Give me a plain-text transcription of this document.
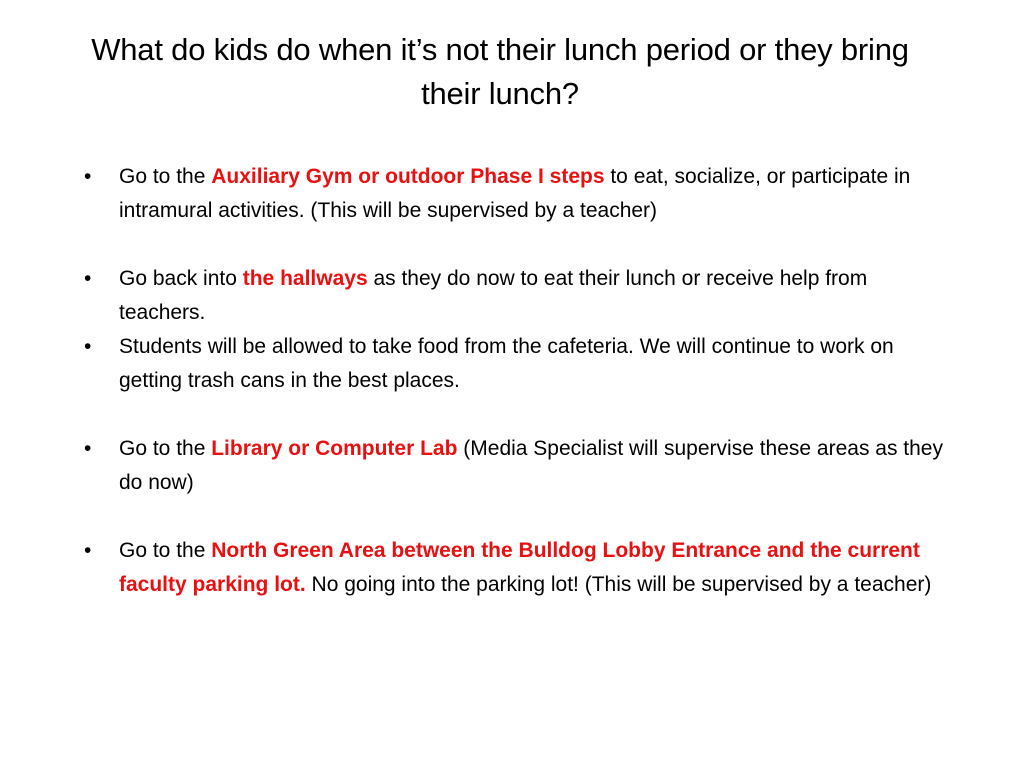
What do kids do when it’s not their lunch period or they bring their lunch?
•	Go to the Auxiliary Gym or outdoor Phase I steps to eat, socialize, or participate in intramural activities. (This will be supervised by a teacher)
•	Go back into the hallways as they do now to eat their lunch or receive help from teachers.
•	Students will be allowed to take food from the cafeteria. We will continue to work on getting trash cans in the best places.
•	Go to the Library or Computer Lab (Media Specialist will supervise these areas as they do now)
•	Go to the North Green Area between the Bulldog Lobby Entrance and the current faculty parking lot. No going into the parking lot! (This will be supervised by a teacher)
